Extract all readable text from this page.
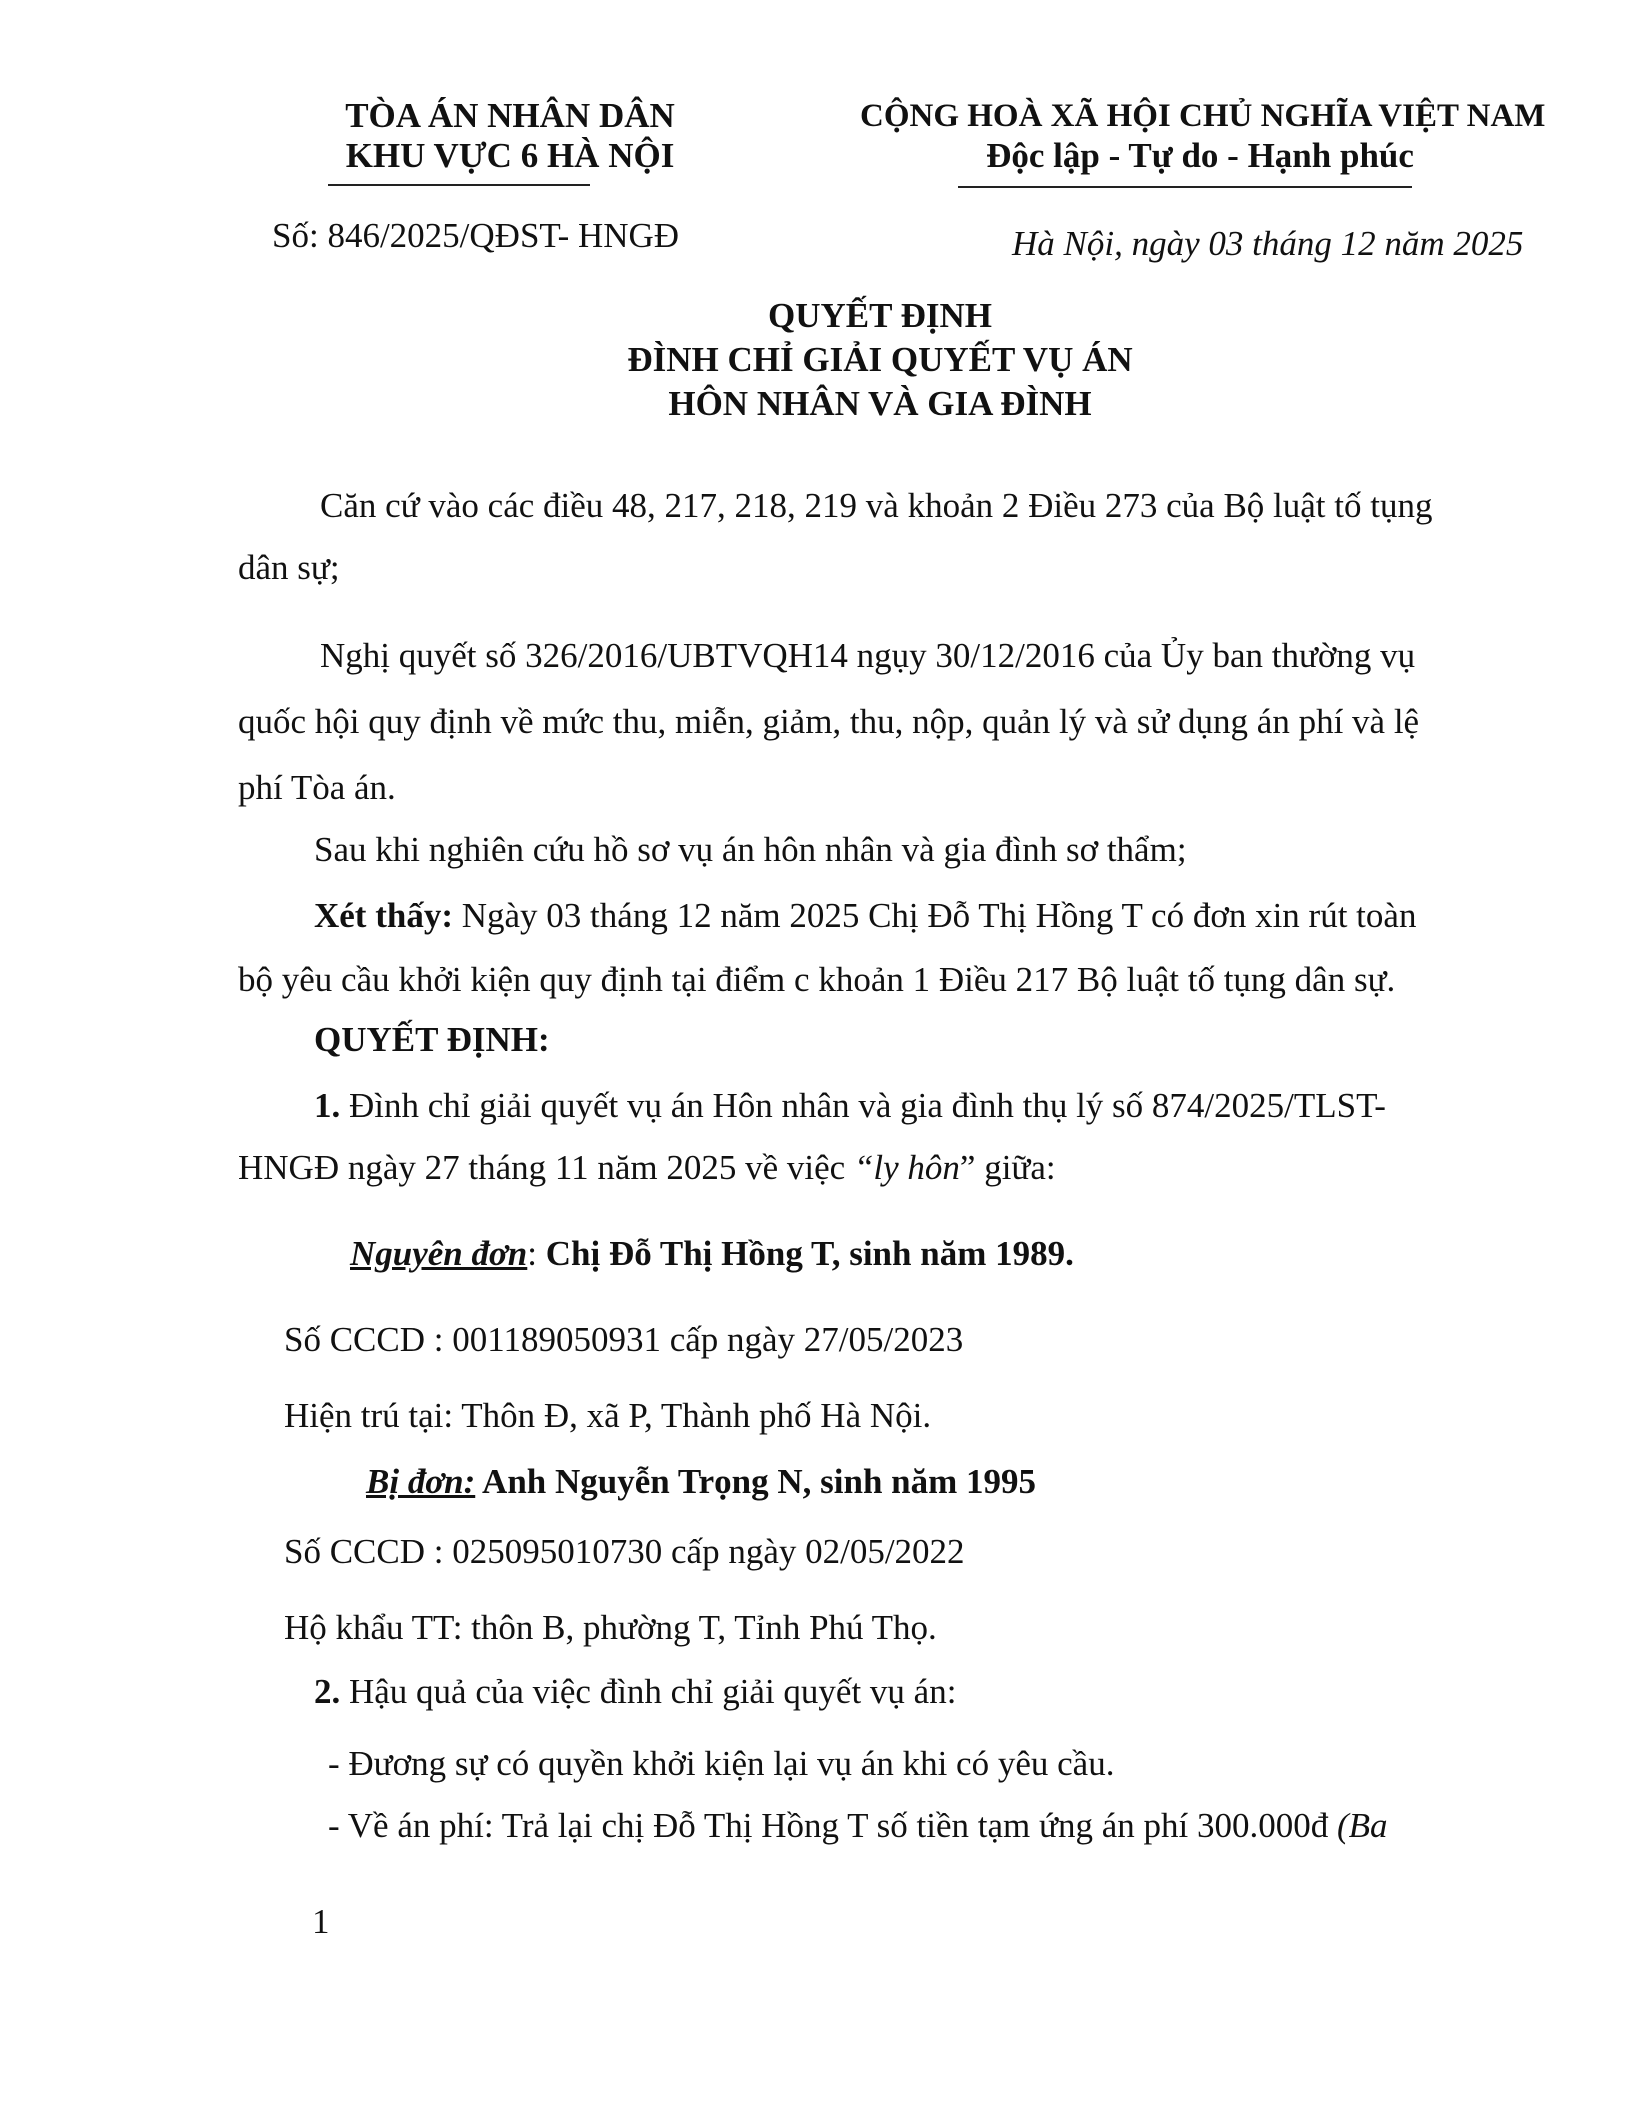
TÒA ÁN NHÂN DÂN
KHU VỰC 6 HÀ NỘI
CỘNG HOÀ XÃ HỘI CHỦ NGHĨA VIỆT NAM
Độc lập - Tự do - Hạnh phúc
Số: 846/2025/QĐST- HNGĐ	Hà Nội, ngày 03 tháng 12 năm 2025
QUYẾT ĐỊNH
ĐÌNH CHỈ GIẢI QUYẾT VỤ ÁN
HÔN NHÂN VÀ GIA ĐÌNH
Căn cứ vào các điều 48, 217, 218, 219 và khoản 2 Điều 273 của Bộ luật tố tụng
dân sự;
Nghị quyết số 326/2016/UBTVQH14 ngụy 30/12/2016 của Ủy ban thường vụ
quốc hội quy định về mức thu, miễn, giảm, thu, nộp, quản lý và sử dụng án phí và lệ
phí Tòa án.
Sau khi nghiên cứu hồ sơ vụ án hôn nhân và gia đình sơ thẩm;
Xét thấy: Ngày 03 tháng 12 năm 2025 Chị Đỗ Thị Hồng T có đơn xin rút toàn
bộ yêu cầu khởi kiện quy định tại điểm c khoản 1 Điều 217 Bộ luật tố tụng dân sự.
QUYẾT ĐỊNH:
1. Đình chỉ giải quyết vụ án Hôn nhân và gia đình thụ lý số 874/2025/TLST-
HNGĐ ngày 27 tháng 11 năm 2025 về việc “ly hôn” giữa:
Nguyên đơn: Chị Đỗ Thị Hồng T, sinh năm 1989.
Số CCCD : 001189050931 cấp ngày 27/05/2023
Hiện trú tại: Thôn Đ, xã P, Thành phố Hà Nội.
Bị đơn: Anh Nguyễn Trọng N, sinh năm 1995
Số CCCD : 025095010730 cấp ngày 02/05/2022
Hộ khẩu TT: thôn B, phường T, Tỉnh Phú Thọ.
2. Hậu quả của việc đình chỉ giải quyết vụ án:
- Đương sự có quyền khởi kiện lại vụ án khi có yêu cầu.
- Về án phí: Trả lại chị Đỗ Thị Hồng T số tiền tạm ứng án phí 300.000đ (Ba
1
